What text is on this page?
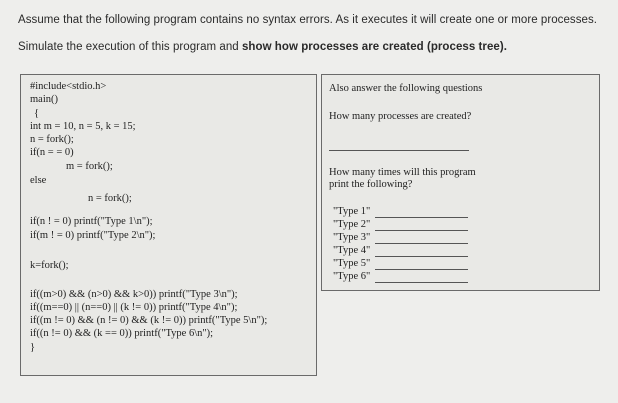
Assume that the following program contains no syntax errors. As it executes it will create one or more processes.
Simulate the execution of this program and show how processes are created (process tree).
#include<stdio.h>
main()
{
int m = 10, n = 5, k = 15;
n = fork();
if(n = = 0)
m = fork();
else
n = fork();
if(n ! = 0) printf("Type 1\n");
if(m ! = 0) printf("Type 2\n");
k=fork();
if((m>0) && (n>0) && k>0)) printf("Type 3\n");
if((m==0) || (n==0) || (k != 0)) printf("Type 4\n");
if((m != 0) && (n != 0) && (k != 0)) printf("Type 5\n");
if((n != 0) && (k == 0)) printf("Type 6\n");
}
Also answer the following questions
How many processes are created?
How many times will this program
print the following?
"Type 1"
"Type 2"
"Type 3"
"Type 4"
"Type 5"
"Type 6"
